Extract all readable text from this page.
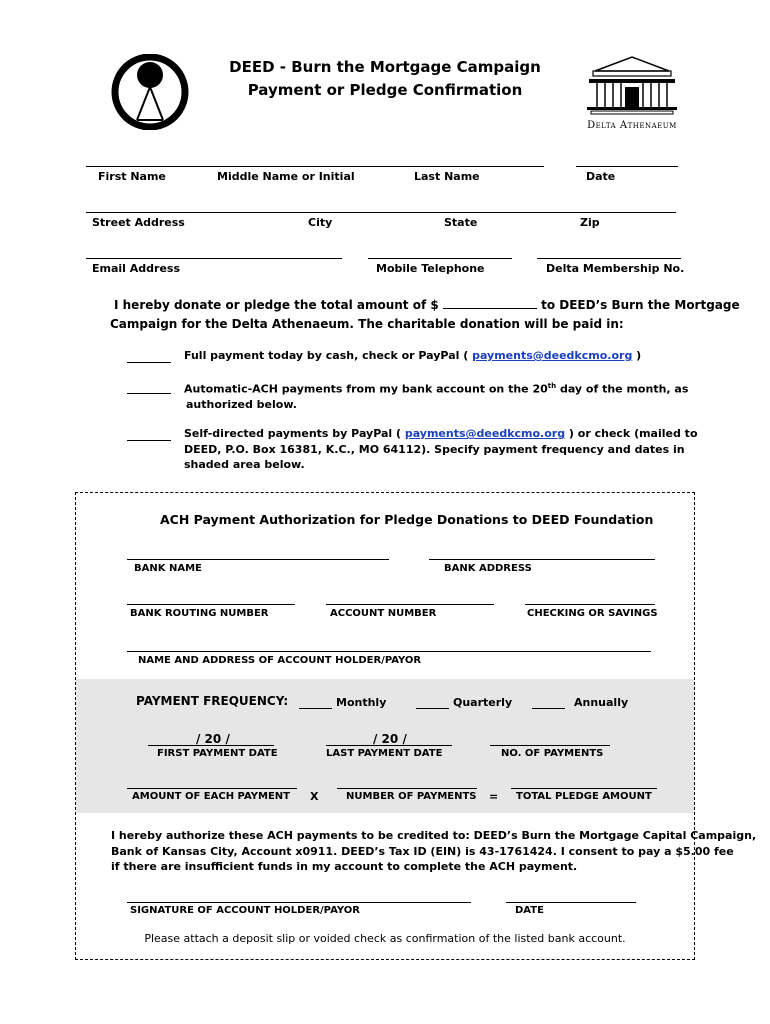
DEED - Burn the Mortgage Campaign
Payment or Pledge Confirmation
Delta Athenaeum
First Name	Middle Name or Initial	Last Name	Date
Street Address	City	State	Zip
Email Address	Mobile Telephone	Delta Membership No.
I hereby donate or pledge the total amount of $	to DEED’s Burn the Mortgage
Campaign for the Delta Athenaeum. The charitable donation will be paid in:
Full payment today by cash, check or PayPal ( payments@deedkcmo.org )
Automatic-ACH payments from my bank account on the 20th day of the month, as
authorized below.
Self-directed payments by PayPal ( payments@deedkcmo.org ) or check (mailed to
DEED, P.O. Box 16381, K.C., MO 64112). Specify payment frequency and dates in
shaded area below.
ACH Payment Authorization for Pledge Donations to DEED Foundation
BANK NAME	BANK ADDRESS
BANK ROUTING NUMBER	ACCOUNT NUMBER	CHECKING OR SAVINGS
NAME AND ADDRESS OF ACCOUNT HOLDER/PAYOR
PAYMENT FREQUENCY:	Monthly	Quarterly	Annually
/ 20 /	/ 20 /
FIRST PAYMENT DATE	LAST PAYMENT DATE	NO. OF PAYMENTS
AMOUNT OF EACH PAYMENT X	NUMBER OF PAYMENTS = TOTAL PLEDGE AMOUNT
I hereby authorize these ACH payments to be credited to: DEED’s Burn the Mortgage Capital Campaign,
Bank of Kansas City, Account x0911. DEED’s Tax ID (EIN) is 43-1761424. I consent to pay a $5.00 fee
if there are insufficient funds in my account to complete the ACH payment.
SIGNATURE OF ACCOUNT HOLDER/PAYOR	DATE
Please attach a deposit slip or voided check as confirmation of the listed bank account.
